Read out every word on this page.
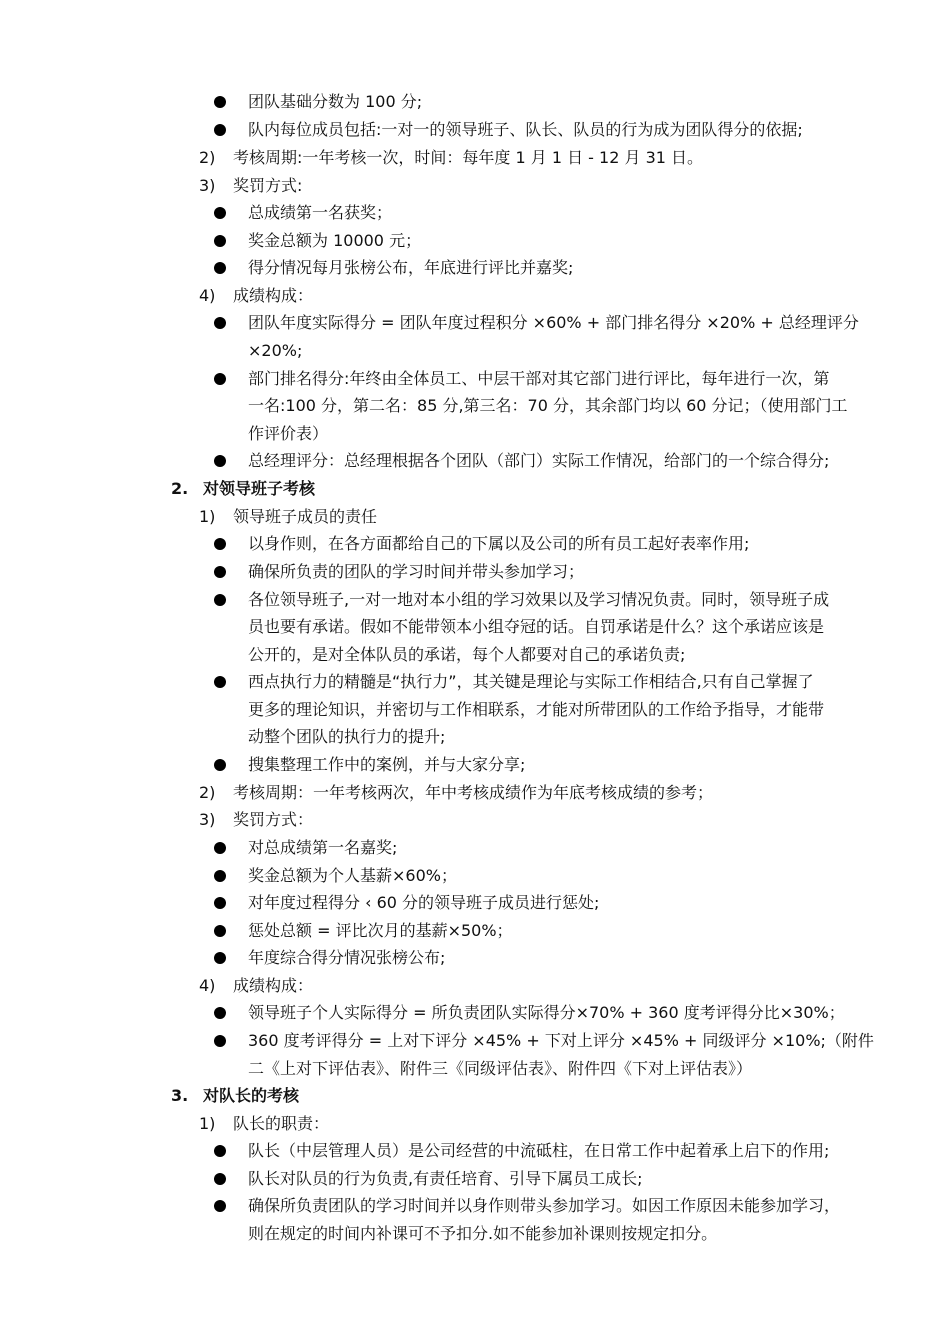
团队基础分数为 100 分;
队内每位成员包括:一对一的领导班子、队长、队员的行为成为团队得分的依据;
2) 考核周期:一年考核一次，时间：每年度 1 月 1 日 - 12 月 31 日。
3) 奖罚方式:
总成绩第一名获奖；
奖金总额为 10000 元；
得分情况每月张榜公布，年底进行评比并嘉奖;
4) 成绩构成：
团队年度实际得分 = 团队年度过程积分 ×60% + 部门排名得分 ×20% + 总经理评分
×20%;
部门排名得分:年终由全体员工、中层干部对其它部门进行评比，每年进行一次，第
一名:100 分，第二名：85 分,第三名：70 分，其余部门均以 60 分记；（使用部门工
作评价表）
总经理评分：总经理根据各个团队（部门）实际工作情况，给部门的一个综合得分;
2. 对领导班子考核
1) 领导班子成员的责任
以身作则，在各方面都给自己的下属以及公司的所有员工起好表率作用;
确保所负责的团队的学习时间并带头参加学习；
各位领导班子,一对一地对本小组的学习效果以及学习情况负责。同时，领导班子成
员也要有承诺。假如不能带领本小组夺冠的话。自罚承诺是什么？这个承诺应该是
公开的，是对全体队员的承诺，每个人都要对自己的承诺负责;
西点执行力的精髓是“执行力”，其关键是理论与实际工作相结合,只有自己掌握了
更多的理论知识，并密切与工作相联系，才能对所带团队的工作给予指导，才能带
动整个团队的执行力的提升;
搜集整理工作中的案例，并与大家分享;
2) 考核周期：一年考核两次，年中考核成绩作为年底考核成绩的参考；
3) 奖罚方式：
对总成绩第一名嘉奖;
奖金总额为个人基薪×60%；
对年度过程得分 ‹ 60 分的领导班子成员进行惩处;
惩处总额 = 评比次月的基薪×50%；
年度综合得分情况张榜公布;
4) 成绩构成：
领导班子个人实际得分 = 所负责团队实际得分×70% + 360 度考评得分比×30%；
360 度考评得分 = 上对下评分 ×45% + 下对上评分 ×45% + 同级评分 ×10%;（附件
二《上对下评估表》、附件三《同级评估表》、附件四《下对上评估表》）
3. 对队长的考核
1) 队长的职责：
队长（中层管理人员）是公司经营的中流砥柱，在日常工作中起着承上启下的作用;
队长对队员的行为负责,有责任培育、引导下属员工成长;
确保所负责团队的学习时间并以身作则带头参加学习。如因工作原因未能参加学习，
则在规定的时间内补课可不予扣分.如不能参加补课则按规定扣分。
